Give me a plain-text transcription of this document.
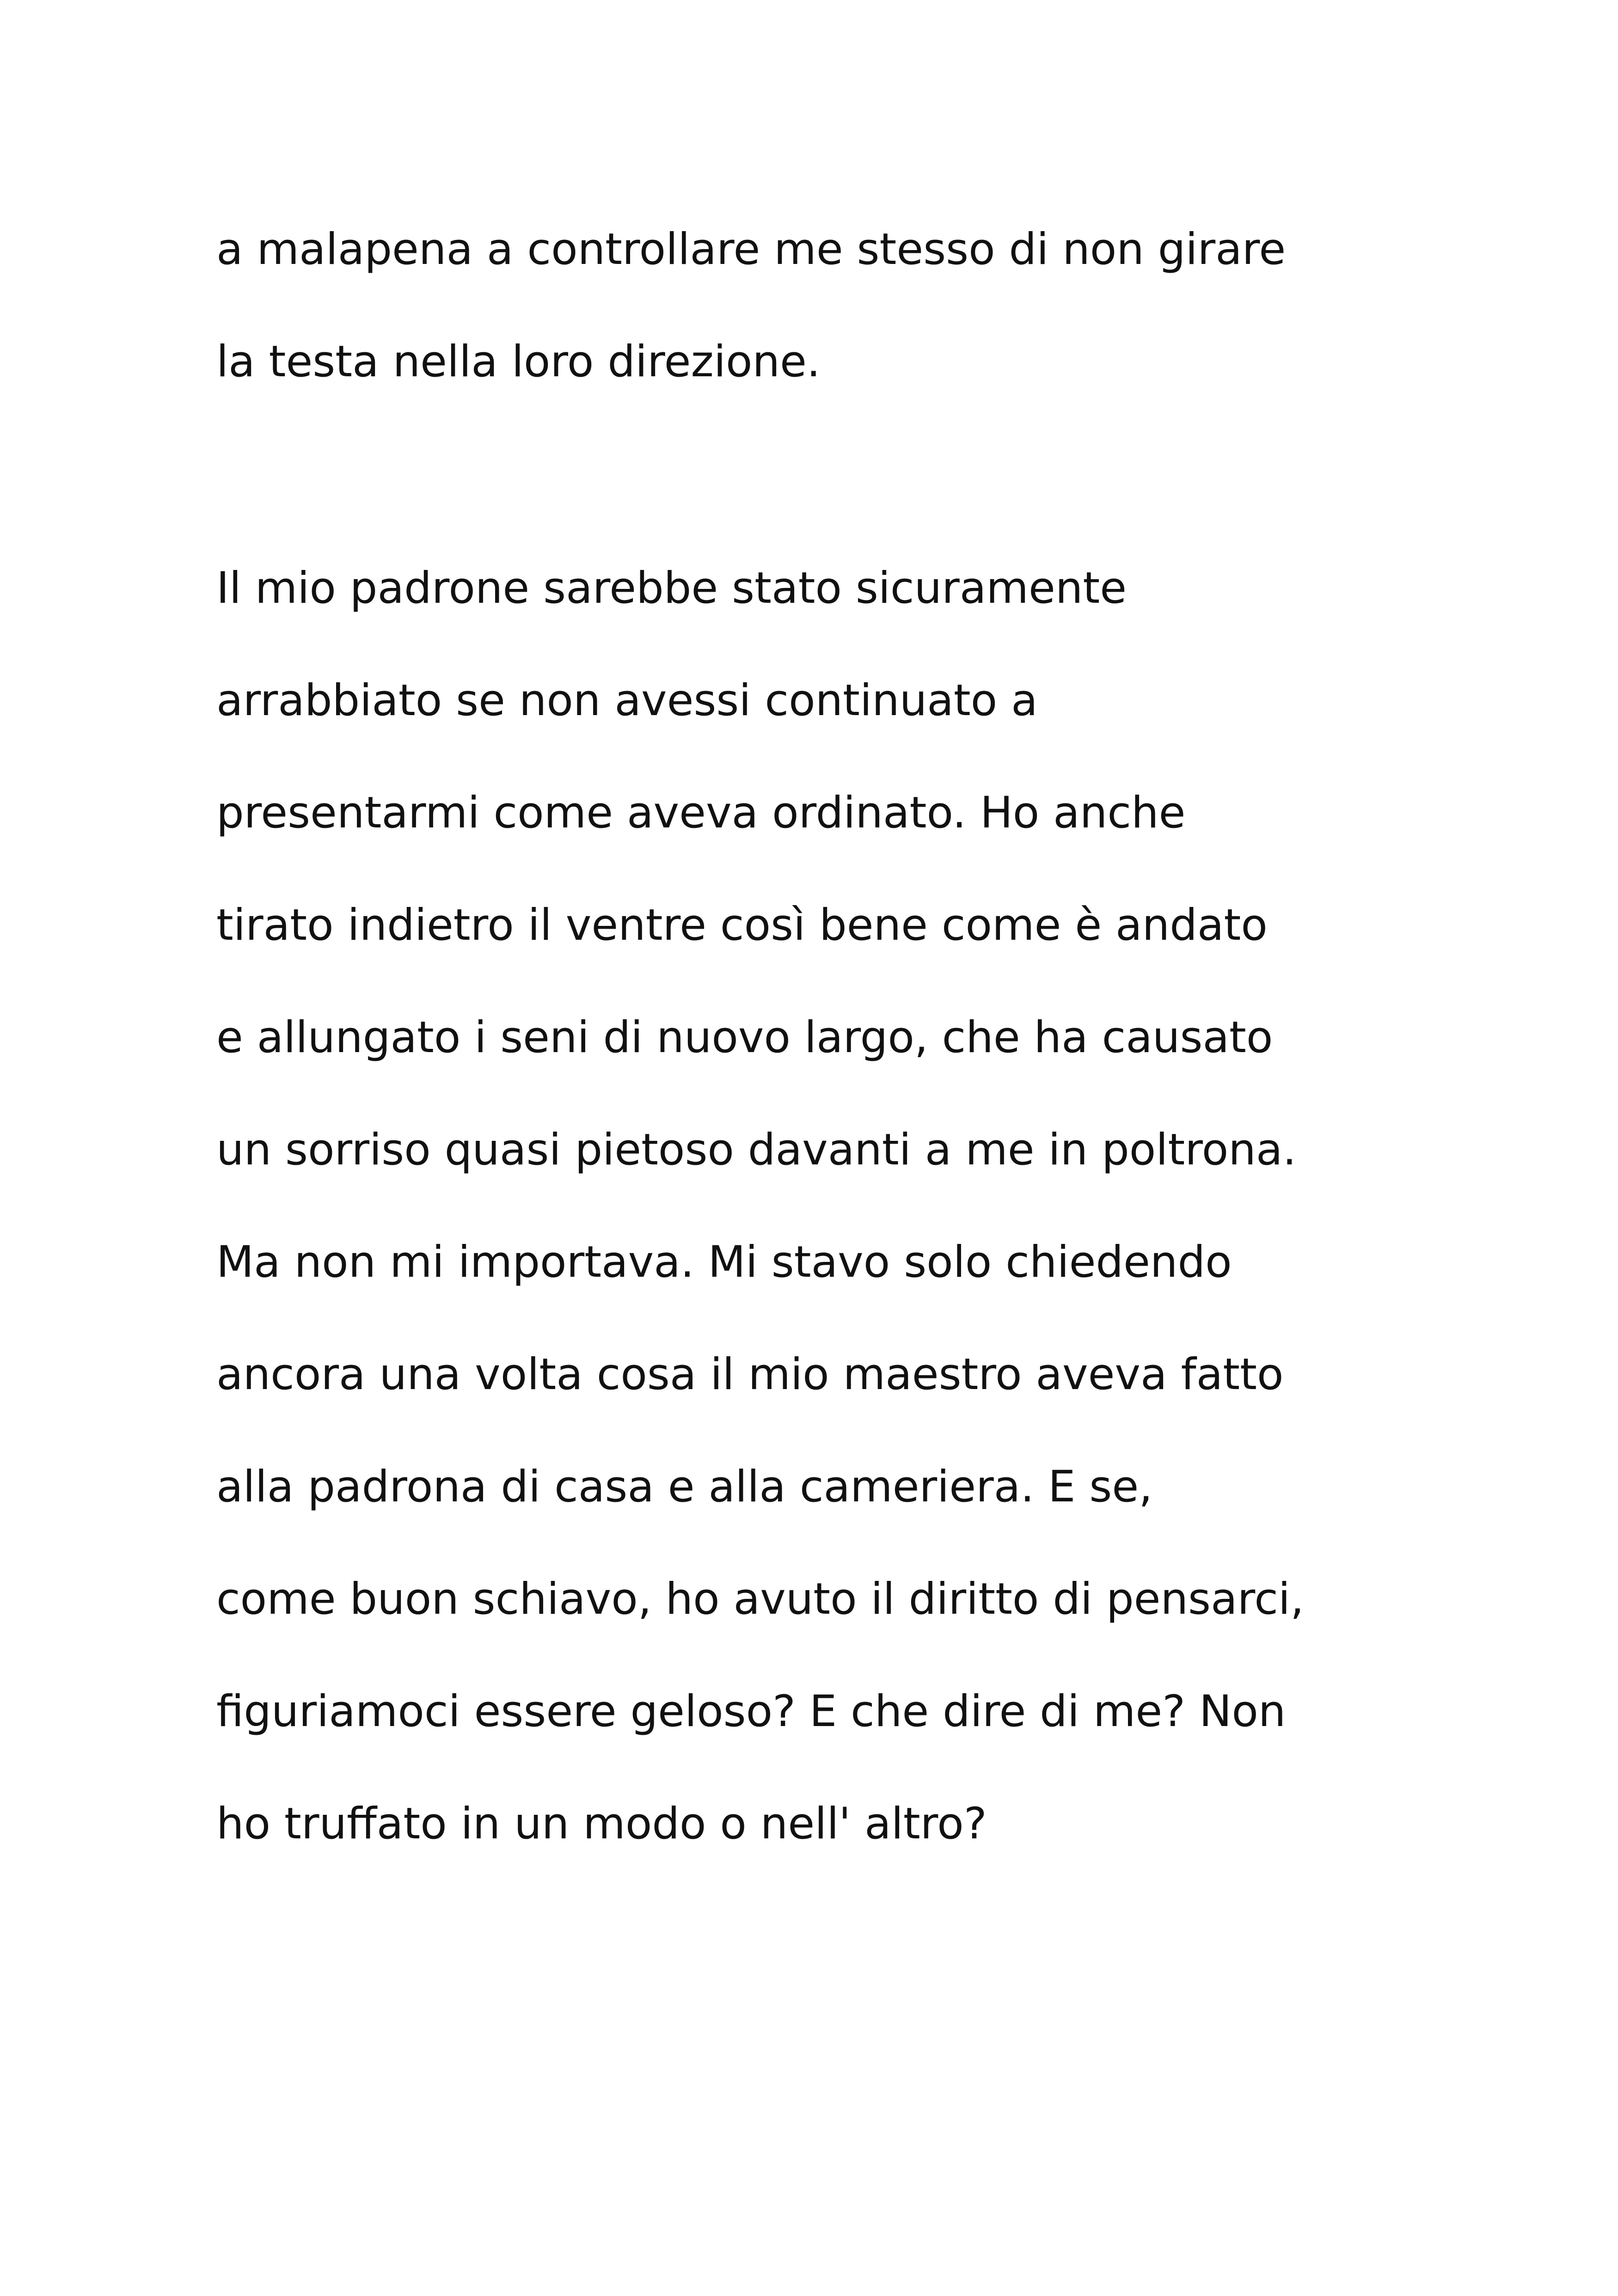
a malapena a controllare me stesso di non girare
la testa nella loro direzione.
Il mio padrone sarebbe stato sicuramente
arrabbiato se non avessi continuato a
presentarmi come aveva ordinato. Ho anche
tirato indietro il ventre così bene come è andato
e allungato i seni di nuovo largo, che ha causato
un sorriso quasi pietoso davanti a me in poltrona.
Ma non mi importava. Mi stavo solo chiedendo
ancora una volta cosa il mio maestro aveva fatto
alla padrona di casa e alla cameriera. E se,
come buon schiavo, ho avuto il diritto di pensarci,
figuriamoci essere geloso? E che dire di me? Non
ho truffato in un modo o nell' altro?
